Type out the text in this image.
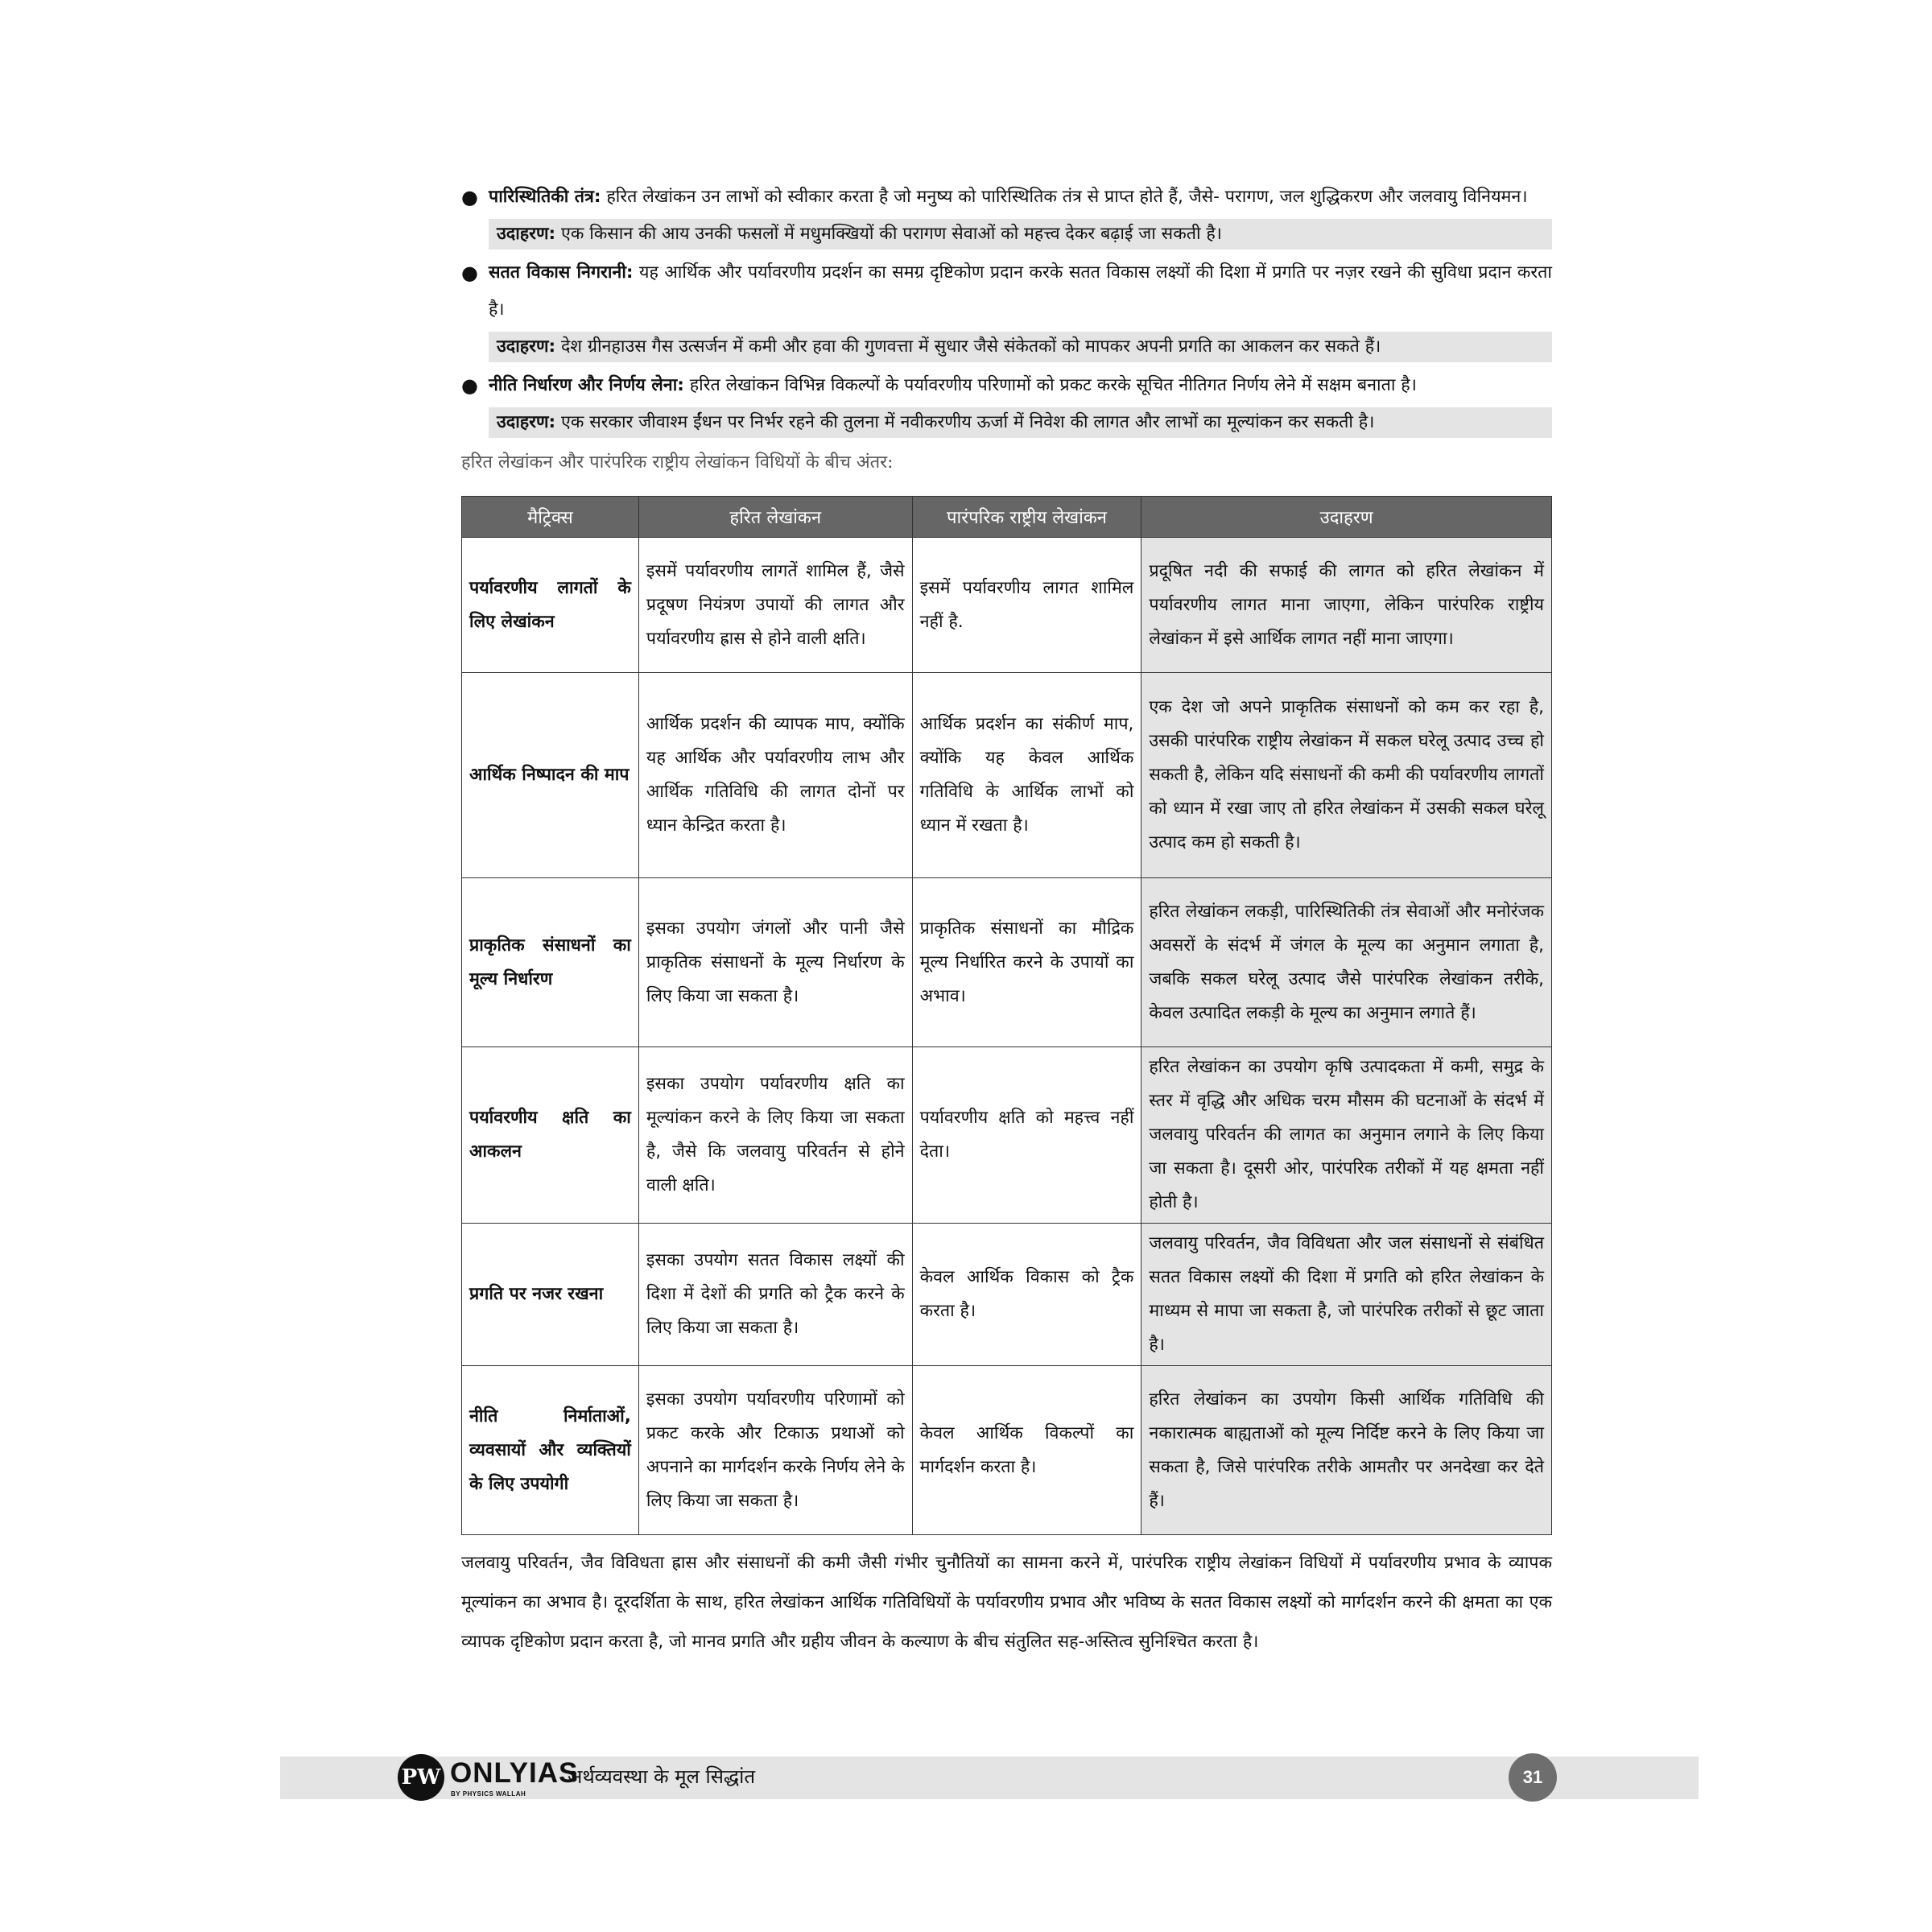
● पारिस्थितिकी तंत्र: हरित लेखांकन उन लाभों को स्वीकार करता है जो मनुष्य को पारिस्थितिक तंत्र से प्राप्त होते हैं, जैसे- परागण, जल शुद्धिकरण और जलवायु विनियमन।
उदाहरण: एक किसान की आय उनकी फसलों में मधुमक्खियों की परागण सेवाओं को महत्त्व देकर बढ़ाई जा सकती है।
● सतत विकास निगरानी: यह आर्थिक और पर्यावरणीय प्रदर्शन का समग्र दृष्टिकोण प्रदान करके सतत विकास लक्ष्यों की दिशा में प्रगति पर नज़र रखने की सुविधा प्रदान करता है।
उदाहरण: देश ग्रीनहाउस गैस उत्सर्जन में कमी और हवा की गुणवत्ता में सुधार जैसे संकेतकों को मापकर अपनी प्रगति का आकलन कर सकते हैं।
● नीति निर्धारण और निर्णय लेना: हरित लेखांकन विभिन्न विकल्पों के पर्यावरणीय परिणामों को प्रकट करके सूचित नीतिगत निर्णय लेने में सक्षम बनाता है।
उदाहरण: एक सरकार जीवाश्म ईंधन पर निर्भर रहने की तुलना में नवीकरणीय ऊर्जा में निवेश की लागत और लाभों का मूल्यांकन कर सकती है।
हरित लेखांकन और पारंपरिक राष्ट्रीय लेखांकन विधियों के बीच अंतर:
मैट्रिक्स	हरित लेखांकन	पारंपरिक राष्ट्रीय लेखांकन	उदाहरण
पर्यावरणीय लागतों के लिए लेखांकन	इसमें पर्यावरणीय लागतें शामिल हैं, जैसे प्रदूषण नियंत्रण उपायों की लागत और पर्यावरणीय ह्रास से होने वाली क्षति।	इसमें पर्यावरणीय लागत शामिल नहीं है.	प्रदूषित नदी की सफाई की लागत को हरित लेखांकन में पर्यावरणीय लागत माना जाएगा, लेकिन पारंपरिक राष्ट्रीय लेखांकन में इसे आर्थिक लागत नहीं माना जाएगा।
आर्थिक निष्पादन की माप	आर्थिक प्रदर्शन की व्यापक माप, क्योंकि यह आर्थिक और पर्यावरणीय लाभ और आर्थिक गतिविधि की लागत दोनों पर ध्यान केन्द्रित करता है।	आर्थिक प्रदर्शन का संकीर्ण माप, क्योंकि यह केवल आर्थिक गतिविधि के आर्थिक लाभों को ध्यान में रखता है।	एक देश जो अपने प्राकृतिक संसाधनों को कम कर रहा है, उसकी पारंपरिक राष्ट्रीय लेखांकन में सकल घरेलू उत्पाद उच्च हो सकती है, लेकिन यदि संसाधनों की कमी की पर्यावरणीय लागतों को ध्यान में रखा जाए तो हरित लेखांकन में उसकी सकल घरेलू उत्पाद कम हो सकती है।
प्राकृतिक संसाधनों का मूल्य निर्धारण	इसका उपयोग जंगलों और पानी जैसे प्राकृतिक संसाधनों के मूल्य निर्धारण के लिए किया जा सकता है।	प्राकृतिक संसाधनों का मौद्रिक मूल्य निर्धारित करने के उपायों का अभाव।	हरित लेखांकन लकड़ी, पारिस्थितिकी तंत्र सेवाओं और मनोरंजक अवसरों के संदर्भ में जंगल के मूल्य का अनुमान लगाता है, जबकि सकल घरेलू उत्पाद जैसे पारंपरिक लेखांकन तरीके, केवल उत्पादित लकड़ी के मूल्य का अनुमान लगाते हैं।
पर्यावरणीय क्षति का आकलन	इसका उपयोग पर्यावरणीय क्षति का मूल्यांकन करने के लिए किया जा सकता है, जैसे कि जलवायु परिवर्तन से होने वाली क्षति।	पर्यावरणीय क्षति को महत्त्व नहीं देता।	हरित लेखांकन का उपयोग कृषि उत्पादकता में कमी, समुद्र के स्तर में वृद्धि और अधिक चरम मौसम की घटनाओं के संदर्भ में जलवायु परिवर्तन की लागत का अनुमान लगाने के लिए किया जा सकता है। दूसरी ओर, पारंपरिक तरीकों में यह क्षमता नहीं होती है।
प्रगति पर नजर रखना	इसका उपयोग सतत विकास लक्ष्यों की दिशा में देशों की प्रगति को ट्रैक करने के लिए किया जा सकता है।	केवल आर्थिक विकास को ट्रैक करता है।	जलवायु परिवर्तन, जैव विविधता और जल संसाधनों से संबंधित सतत विकास लक्ष्यों की दिशा में प्रगति को हरित लेखांकन के माध्यम से मापा जा सकता है, जो पारंपरिक तरीकों से छूट जाता है।
नीति निर्माताओं, व्यवसायों और व्यक्तियों के लिए उपयोगी	इसका उपयोग पर्यावरणीय परिणामों को प्रकट करके और टिकाऊ प्रथाओं को अपनाने का मार्गदर्शन करके निर्णय लेने के लिए किया जा सकता है।	केवल आर्थिक विकल्पों का मार्गदर्शन करता है।	हरित लेखांकन का उपयोग किसी आर्थिक गतिविधि की नकारात्मक बाह्यताओं को मूल्य निर्दिष्ट करने के लिए किया जा सकता है, जिसे पारंपरिक तरीके आमतौर पर अनदेखा कर देते हैं।

जलवायु परिवर्तन, जैव विविधता ह्रास और संसाधनों की कमी जैसी गंभीर चुनौतियों का सामना करने में, पारंपरिक राष्ट्रीय लेखांकन विधियों में पर्यावरणीय प्रभाव के व्यापक मूल्यांकन का अभाव है। दूरदर्शिता के साथ, हरित लेखांकन आर्थिक गतिविधियों के पर्यावरणीय प्रभाव और भविष्य के सतत विकास लक्ष्यों को मार्गदर्शन करने की क्षमता का एक व्यापक दृष्टिकोण प्रदान करता है, जो मानव प्रगति और ग्रहीय जीवन के कल्याण के बीच संतुलित सह-अस्तित्व सुनिश्चित करता है।

PW ONLYIAS
BY PHYSICS WALLAH
अर्थव्यवस्था के मूल सिद्धांत	31
